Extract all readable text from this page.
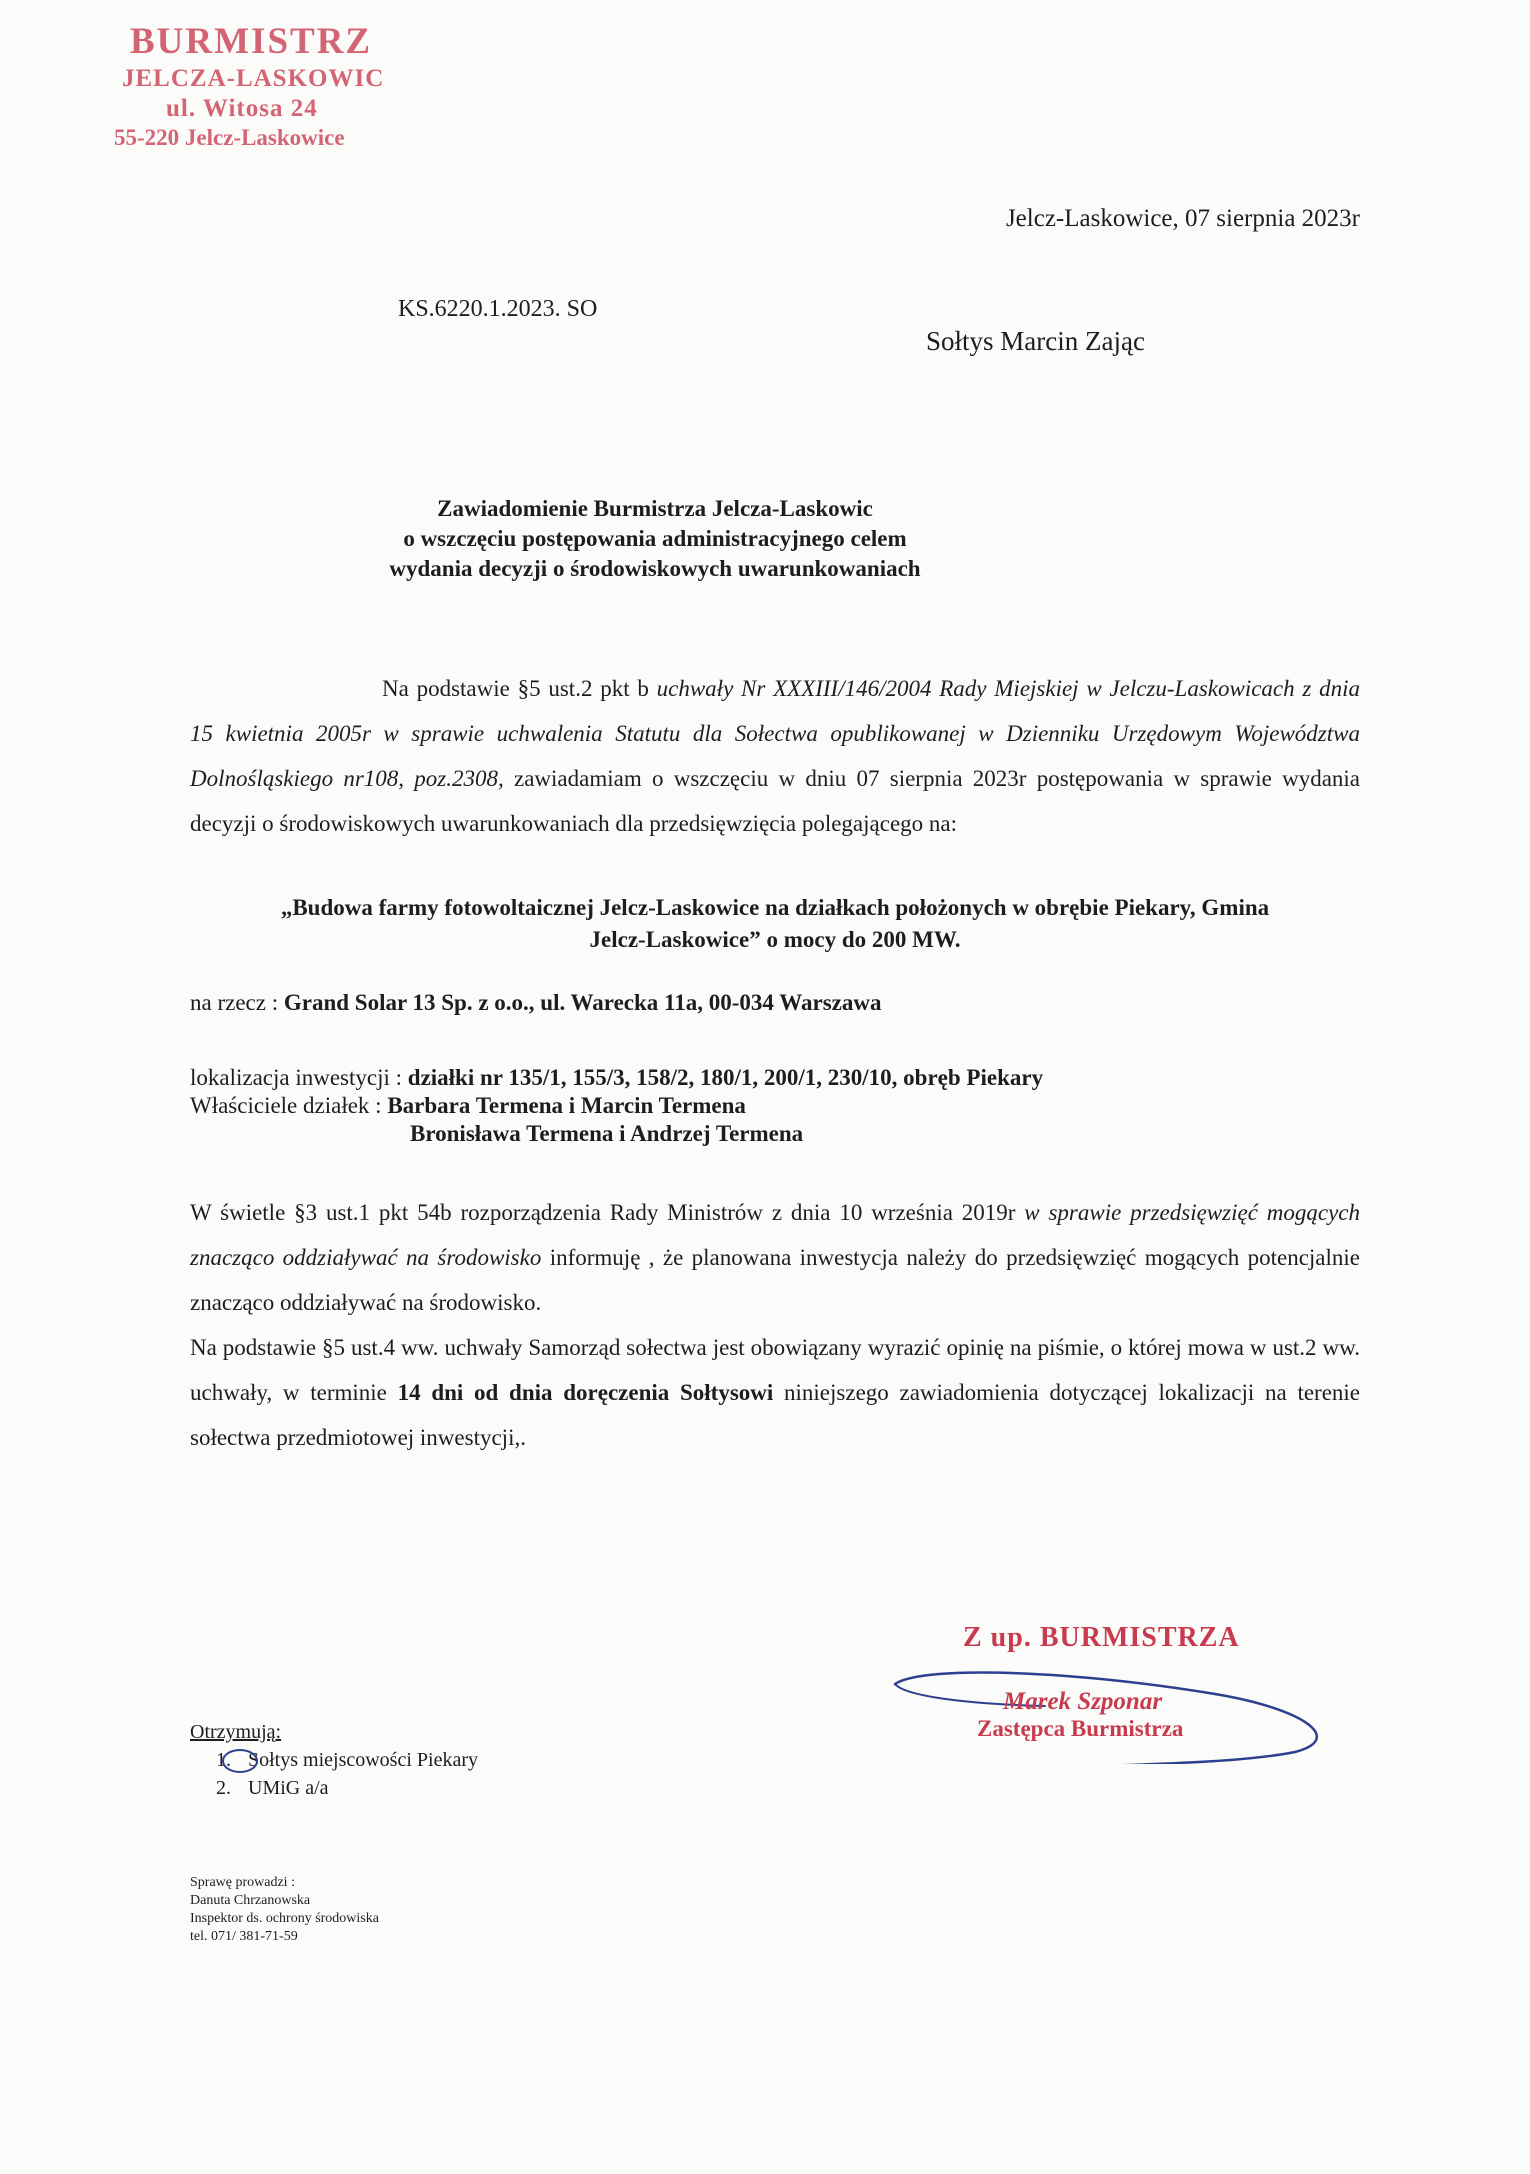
BURMISTRZ
JELCZA-LASKOWIC
ul. Witosa 24
55-220 Jelcz-Laskowice
Jelcz-Laskowice, 07 sierpnia 2023r
KS.6220.1.2023. SO
Sołtys Marcin Zając
Zawiadomienie Burmistrza Jelcza-Laskowic
o wszczęciu postępowania administracyjnego celem
wydania decyzji o środowiskowych uwarunkowaniach
Na podstawie §5 ust.2 pkt b uchwały Nr XXXIII/146/2004 Rady Miejskiej w Jelczu-Laskowicach z dnia 15 kwietnia 2005r w sprawie uchwalenia Statutu dla Sołectwa opublikowanej w Dzienniku Urzędowym Województwa Dolnośląskiego nr108, poz.2308, zawiadamiam o wszczęciu w dniu 07 sierpnia 2023r postępowania w sprawie wydania decyzji o środowiskowych uwarunkowaniach dla przedsięwzięcia polegającego na:
„Budowa farmy fotowoltaicznej Jelcz-Laskowice na działkach położonych w obrębie Piekary, Gmina
Jelcz-Laskowice” o mocy do 200 MW.
na rzecz : Grand Solar 13 Sp. z o.o., ul. Warecka 11a, 00-034 Warszawa
lokalizacja inwestycji : działki nr 135/1, 155/3, 158/2, 180/1, 200/1, 230/10, obręb Piekary
Właściciele działek : Barbara Termena i Marcin Termena
Bronisława Termena i Andrzej Termena
W świetle §3 ust.1 pkt 54b rozporządzenia Rady Ministrów z dnia 10 września 2019r w sprawie przedsięwzięć mogących znacząco oddziaływać na środowisko informuję , że planowana inwestycja należy do przedsięwzięć mogących potencjalnie znacząco oddziaływać na środowisko.
Na podstawie §5 ust.4 ww. uchwały Samorząd sołectwa jest obowiązany wyrazić opinię na piśmie, o której mowa w ust.2 ww. uchwały, w terminie 14 dni od dnia doręczenia Sołtysowi niniejszego zawiadomienia dotyczącej lokalizacji na terenie sołectwa przedmiotowej inwestycji,.
Z up. BURMISTRZA
Marek Szponar
Zastępca Burmistrza
Otrzymują:
1. Sołtys miejscowości Piekary
2. UMiG a/a
Sprawę prowadzi :
Danuta Chrzanowska
Inspektor ds. ochrony środowiska
tel. 071/ 381-71-59
